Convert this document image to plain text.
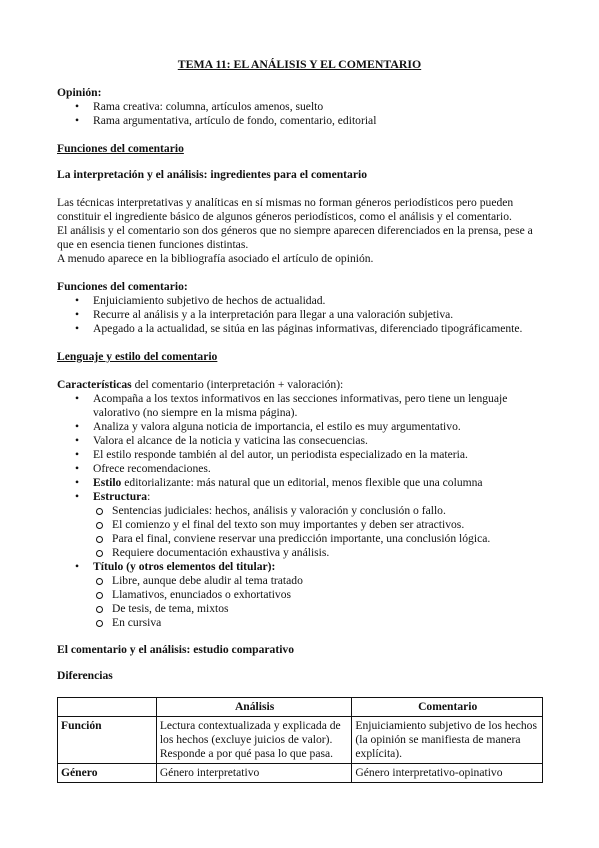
TEMA 11: EL ANÁLISIS Y EL COMENTARIO
Opinión:
• Rama creativa: columna, artículos amenos, suelto
• Rama argumentativa, artículo de fondo, comentario, editorial
Funciones del comentario
La interpretación y el análisis: ingredientes para el comentario

Las técnicas interpretativas y analíticas en sí mismas no forman géneros periodísticos pero pueden constituir el ingrediente básico de algunos géneros periodísticos, como el análisis y el comentario.

El análisis y el comentario son dos géneros que no siempre aparecen diferenciados en la prensa, pese a que en esencia tienen funciones distintas.

A menudo aparece en la bibliografía asociado el artículo de opinión.

Funciones del comentario:
• Enjuiciamiento subjetivo de hechos de actualidad.
• Recurre al análisis y a la interpretación para llegar a una valoración subjetiva.
• Apegado a la actualidad, se sitúa en las páginas informativas, diferenciado tipográficamente.
Lenguaje y estilo del comentario
Características del comentario (interpretación + valoración):
• Acompaña a los textos informativos en las secciones informativas, pero tiene un lenguaje valorativo (no siempre en la misma página).
• Analiza y valora alguna noticia de importancia, el estilo es muy argumentativo.
• Valora el alcance de la noticia y vaticina las consecuencias.
• El estilo responde también al del autor, un periodista especializado en la materia.
• Ofrece recomendaciones.
• Estilo editorializante: más natural que un editorial, menos flexible que una columna
• Estructura:
Sentencias judiciales: hechos, análisis y valoración y conclusión o fallo.
El comienzo y el final del texto son muy importantes y deben ser atractivos.
Para el final, conviene reservar una predicción importante, una conclusión lógica.
Requiere documentación exhaustiva y análisis.
• Título (y otros elementos del titular):
Libre, aunque debe aludir al tema tratado
Llamativos, enunciados o exhortativos
De tesis, de tema, mixtos
En cursiva
El comentario y el análisis: estudio comparativo
Diferencias
	Análisis	Comentario
Función	Lectura contextualizada y explicada de los hechos (excluye juicios de valor). Responde a por qué pasa lo que pasa.	Enjuiciamiento subjetivo de los hechos (la opinión se manifiesta de manera explícita).
Género	Género interpretativo	Género interpretativo-opinativo
